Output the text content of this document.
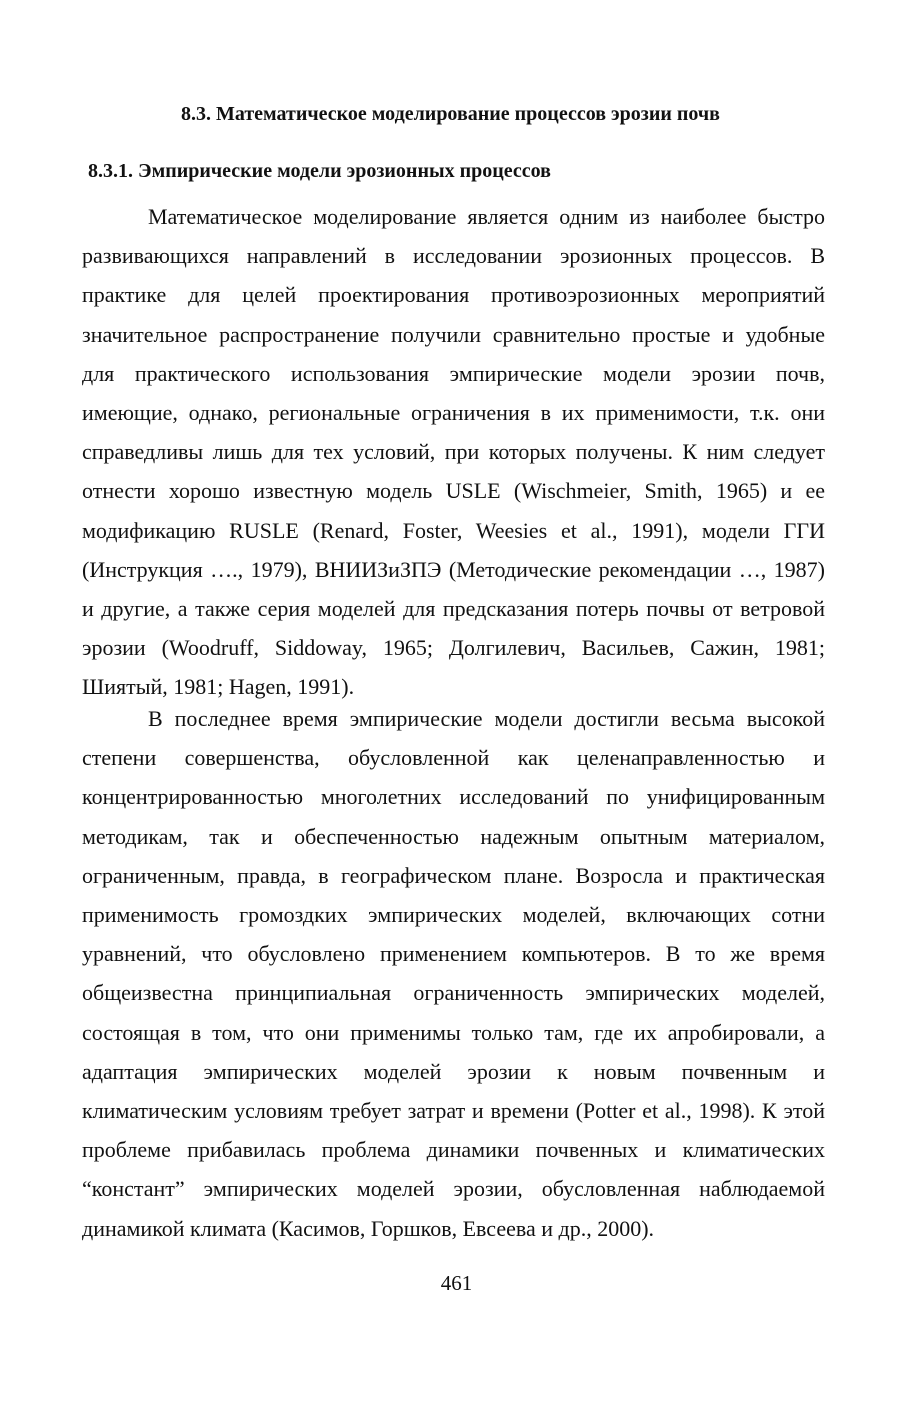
8.3. Математическое моделирование процессов эрозии почв
8.3.1. Эмпирические модели эрозионных процессов

Математическое моделирование является одним из наиболее быстро развивающихся направлений в исследовании эрозионных процессов. В практике для целей проектирования противоэрозионных мероприятий значительное распространение получили сравнительно простые и удобные для практического использования эмпирические модели эрозии почв, имеющие, однако, региональные ограничения в их применимости, т.к. они справедливы лишь для тех условий, при которых получены. К ним следует отнести хорошо известную модель USLE (Wischmeier, Smith, 1965) и ее модификацию RUSLE (Renard, Foster, Weesies et al., 1991), модели ГГИ (Инструкция …., 1979), ВНИИЗиЗПЭ (Методические рекомендации …, 1987) и другие, а также серия моделей для предсказания потерь почвы от ветровой эрозии (Woodruff, Siddoway, 1965; Долгилевич, Васильев, Сажин, 1981; Шиятый, 1981; Hagen, 1991).

В последнее время эмпирические модели достигли весьма высокой степени совершенства, обусловленной как целенаправленностью и концентрированностью многолетних исследований по унифицированным методикам, так и обеспеченностью надежным опытным материалом, ограниченным, правда, в географическом плане. Возросла и практическая применимость громоздких эмпирических моделей, включающих сотни уравнений, что обусловлено применением компьютеров. В то же время общеизвестна принципиальная ограниченность эмпирических моделей, состоящая в том, что они применимы только там, где их апробировали, а адаптация эмпирических моделей эрозии к новым почвенным и климатическим условиям требует затрат и времени (Potter et al., 1998). К этой проблеме прибавилась проблема динамики почвенных и климатических “констант” эмпирических моделей эрозии, обусловленная наблюдаемой динамикой климата (Касимов, Горшков, Евсеева и др., 2000).

461
